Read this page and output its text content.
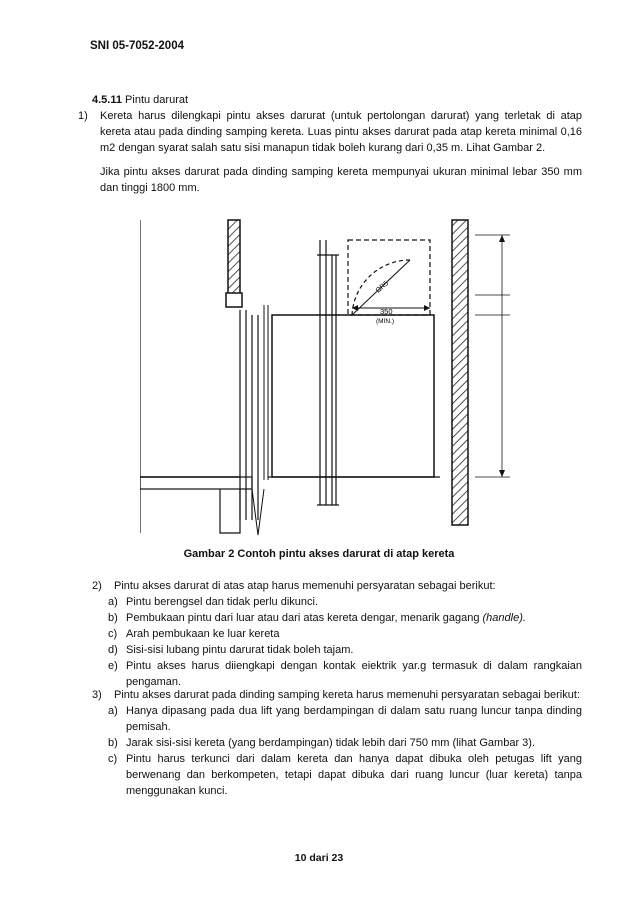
SNI 05-7052-2004
4.5.11 Pintu darurat
1) Kereta harus dilengkapi pintu akses darurat (untuk pertolongan darurat) yang terletak di atap kereta atau pada dinding samping kereta. Luas pintu akses darurat pada atap kereta minimal 0,16 m2 dengan syarat salah satu sisi manapun tidak boleh kurang dari 0,35 m. Lihat Gambar 2.
Jika pintu akses darurat pada dinding samping kereta mempunyai ukuran minimal lebar 350 mm dan tinggi 1800 mm.
ΩR5
350
(MIN.)
Gambar 2 Contoh pintu akses darurat di atap kereta
2) Pintu akses darurat di atas atap harus memenuhi persyaratan sebagai berikut:
a) Pintu berengsel dan tidak perlu dikunci.
b) Pembukaan pintu dari luar atau dari atas kereta dengar, menarik gagang (handle).
c) Arah pembukaan ke luar kereta
d) Sisi-sisi lubang pintu darurat tidak boleh tajam.
e) Pintu akses harus diiengkapi dengan kontak eiektrik yar.g termasuk di dalam rangkaian pengaman.
3) Pintu akses darurat pada dinding samping kereta harus memenuhi persyaratan sebagai berikut:
a) Hanya dipasang pada dua lift yang berdampingan di dalam satu ruang luncur tanpa dinding pemisah.
b) Jarak sisi-sisi kereta (yang berdampingan) tidak lebih dari 750 mm (lihat Gambar 3).
c) Pintu harus terkunci dari dalam kereta dan hanya dapat dibuka oleh petugas lift yang berwenang dan berkompeten, tetapi dapat dibuka dari ruang luncur (luar kereta) tanpa menggunakan kunci.
10 dari 23
